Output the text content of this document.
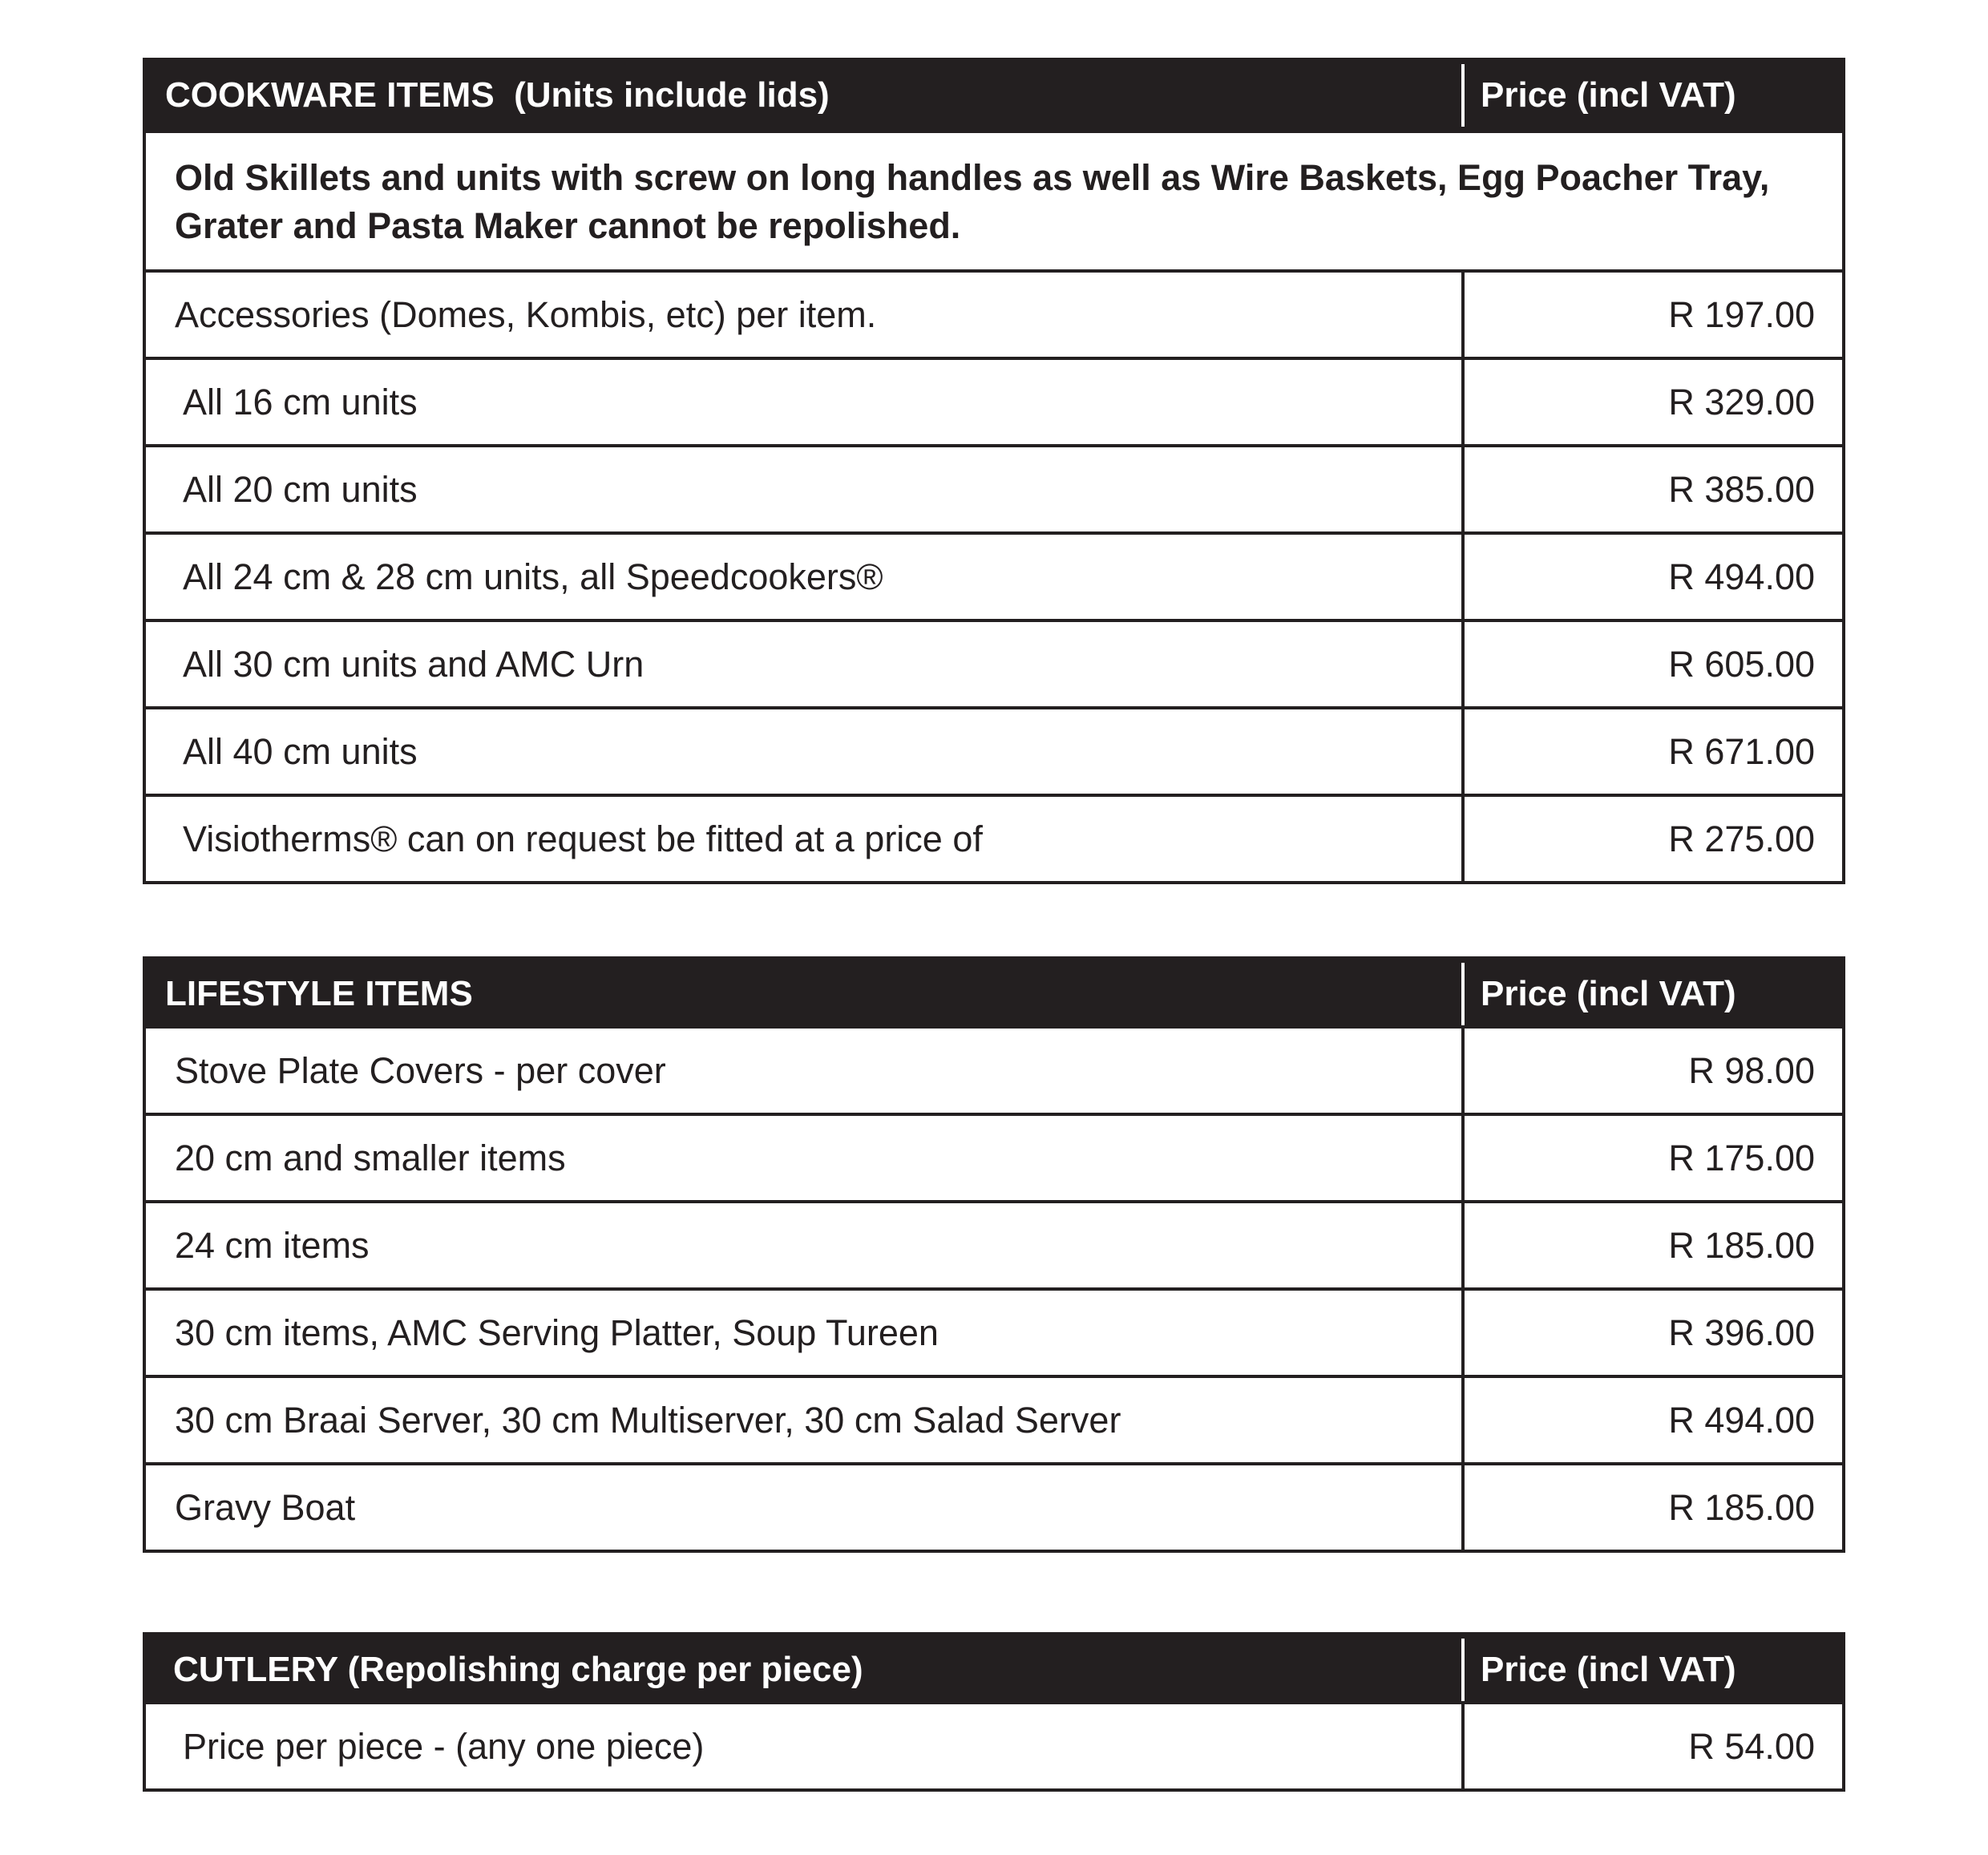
COOKWARE ITEMS  (Units include lids)	Price (incl VAT)
Old Skillets and units with screw on long handles as well as Wire Baskets, Egg Poacher Tray, Grater and Pasta Maker cannot be repolished.
Accessories (Domes, Kombis, etc) per item.	R 197.00
All 16 cm units	R 329.00
All 20 cm units	R 385.00
All 24 cm & 28 cm units, all Speedcookers®	R 494.00
All 30 cm units and AMC Urn	R 605.00
All 40 cm units	R 671.00
Visiotherms® can on request be fitted at a price of	R 275.00
LIFESTYLE ITEMS	Price (incl VAT)
Stove Plate Covers - per cover	R 98.00
20 cm and smaller items	R 175.00
24 cm items	R 185.00
30 cm items, AMC Serving Platter, Soup Tureen	R 396.00
30 cm Braai Server, 30 cm Multiserver, 30 cm Salad Server	R 494.00
Gravy Boat	R 185.00
CUTLERY (Repolishing charge per piece)	Price (incl VAT)
Price per piece - (any one piece)	R 54.00
